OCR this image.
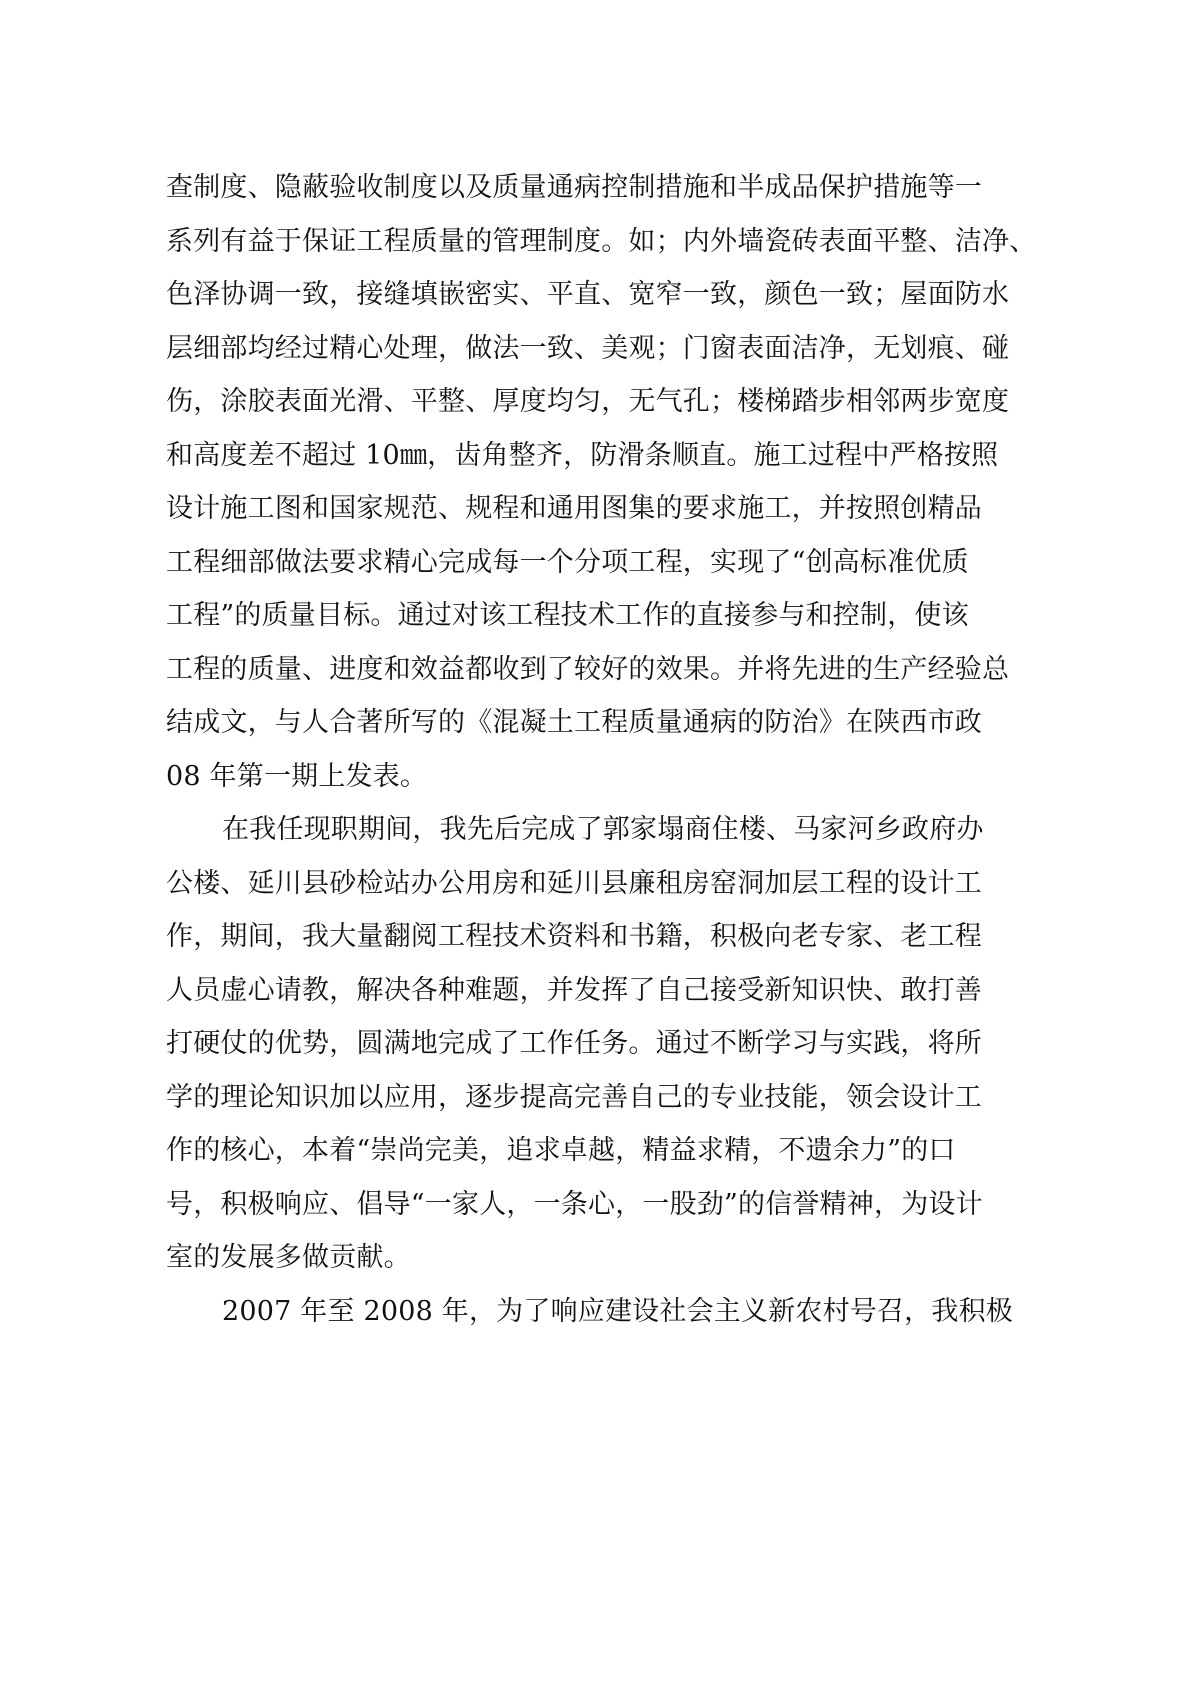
查制度、隐蔽验收制度以及质量通病控制措施和半成品保护措施等一
系列有益于保证工程质量的管理制度。如；内外墙瓷砖表面平整、洁净、
色泽协调一致，接缝填嵌密实、平直、宽窄一致，颜色一致；屋面防水
层细部均经过精心处理，做法一致、美观；门窗表面洁净，无划痕、碰
伤，涂胶表面光滑、平整、厚度均匀，无气孔；楼梯踏步相邻两步宽度
和高度差不超过 10㎜，齿角整齐，防滑条顺直。施工过程中严格按照
设计施工图和国家规范、规程和通用图集的要求施工，并按照创精品
工程细部做法要求精心完成每一个分项工程，实现了“创高标准优质
工程”的质量目标。通过对该工程技术工作的直接参与和控制，使该
工程的质量、进度和效益都收到了较好的效果。并将先进的生产经验总
结成文，与人合著所写的《混凝土工程质量通病的防治》在陕西市政
08 年第一期上发表。
在我任现职期间，我先后完成了郭家塌商住楼、马家河乡政府办
公楼、延川县砂检站办公用房和延川县廉租房窑洞加层工程的设计工
作，期间，我大量翻阅工程技术资料和书籍，积极向老专家、老工程
人员虚心请教，解决各种难题，并发挥了自己接受新知识快、敢打善
打硬仗的优势，圆满地完成了工作任务。通过不断学习与实践，将所
学的理论知识加以应用，逐步提高完善自己的专业技能，领会设计工
作的核心，本着“崇尚完美，追求卓越，精益求精，不遗余力”的口
号，积极响应、倡导“一家人，一条心，一股劲”的信誉精神，为设计
室的发展多做贡献。
2007 年至 2008 年，为了响应建设社会主义新农村号召，我积极
